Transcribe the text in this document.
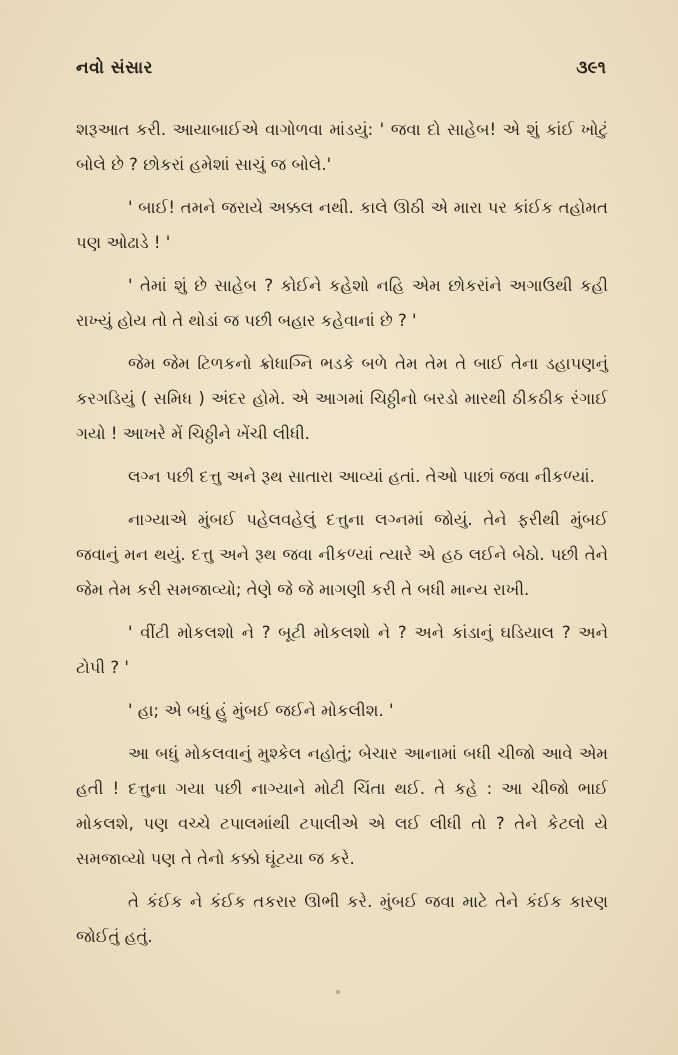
નવો સંસાર	૩૯૧

શરૂઆત કરી. આયાબાઈએ વાગોળવા માંડયું: ' જવા દો સાહેબ! એ શું કાંઈ ખોટું બોલે છે ? છોકરાં હમેશાં સાચું જ બોલે.'

' બાઈ! તમને જરાયે અક્કલ નથી. કાલે ઊઠી એ મારા પર કાંઈક તહોમત પણ ઓઢાડે ! '

' તેમાં શું છે સાહેબ ? કોઈને કહેશો નહિ એમ છોકરાંને અગાઉથી કહી રાખ્યું હોય તો તે થોડાં જ પછી બહાર કહેવાનાં છે ? '

જેમ જેમ ટિળકનો ક્રોધાગ્નિ ભડકે બળે તેમ તેમ તે બાઈ તેના ડહાપણનું કરગડિયું ( સમિધ ) અંદર હોમે. એ આગમાં ચિઠ્ઠીનો બરડો મારથી ઠીકઠીક રંગાઈ ગયો ! આખરે મેં ચિઠ્ઠીને ખેંચી લીધી.

લગ્ન પછી દત્તુ અને રૂથ સાતારા આવ્યાં હતાં. તેઓ પાછાં જવા નીકળ્યાં.

નાગ્યાએ મુંબઈ પહેલવહેલું દત્તુના લગ્નમાં જોયું. તેને ફરીથી મુંબઈ જવાનું મન થયું. દત્તુ અને રૂથ જવા નીકળ્યાં ત્યારે એ હઠ લઈને બેઠો. પછી તેને જેમ તેમ કરી સમજાવ્યો; તેણે જે જે માગણી કરી તે બધી માન્ય રાખી.

' વીંટી મોકલશો ને ? બૂટી મોકલશો ને ? અને કાંડાનું ઘડિયાલ ? અને ટોપી ? '

' હા; એ બધું હું મુંબઈ જઈને મોકલીશ. '

આ બધું મોકલવાનું મુશ્કેલ નહોતું; બેચાર આનામાં બધી ચીજો આવે એમ હતી ! દત્તુના ગયા પછી નાગ્યાને મોટી ચિંતા થઈ. તે કહે : આ ચીજો ભાઈ મોકલશે, પણ વચ્ચે ટપાલમાંથી ટપાલીએ એ લઈ લીધી તો ? તેને કેટલો યે સમજાવ્યો પણ તે તેનો કક્કો ઘૂંટયા જ કરે.

તે કંઈક ને કંઈક તકરાર ઊભી કરે. મુંબઈ જવા માટે તેને કંઈક કારણ જોઈતું હતું.
